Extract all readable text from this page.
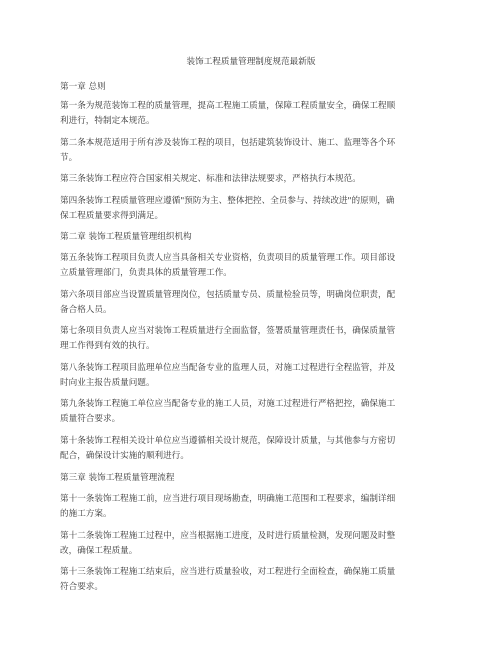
装饰工程质量管理制度规范最新版
第一章 总则
第一条为规范装饰工程的质量管理，提高工程施工质量，保障工程质量安全，确保工程顺
利进行，特制定本规范。
第二条本规范适用于所有涉及装饰工程的项目，包括建筑装饰设计、施工、监理等各个环
节。
第三条装饰工程应符合国家相关规定、标准和法律法规要求，严格执行本规范。
第四条装饰工程质量管理应遵循"预防为主、整体把控、全员参与、持续改进"的原则，确
保工程质量要求得到满足。
第二章 装饰工程质量管理组织机构
第五条装饰工程项目负责人应当具备相关专业资格，负责项目的质量管理工作。项目部设
立质量管理部门，负责具体的质量管理工作。
第六条项目部应当设置质量管理岗位，包括质量专员、质量检验员等，明确岗位职责，配
备合格人员。
第七条项目负责人应当对装饰工程质量进行全面监督，签署质量管理责任书，确保质量管
理工作得到有效的执行。
第八条装饰工程项目监理单位应当配备专业的监理人员，对施工过程进行全程监管，并及
时向业主报告质量问题。
第九条装饰工程施工单位应当配备专业的施工人员，对施工过程进行严格把控，确保施工
质量符合要求。
第十条装饰工程相关设计单位应当遵循相关设计规范，保障设计质量，与其他参与方密切
配合，确保设计实施的顺利进行。
第三章 装饰工程质量管理流程
第十一条装饰工程施工前，应当进行项目现场勘查，明确施工范围和工程要求，编制详细
的施工方案。
第十二条装饰工程施工过程中，应当根据施工进度，及时进行质量检测，发现问题及时整
改，确保工程质量。
第十三条装饰工程施工结束后，应当进行质量验收，对工程进行全面检查，确保施工质量
符合要求。
